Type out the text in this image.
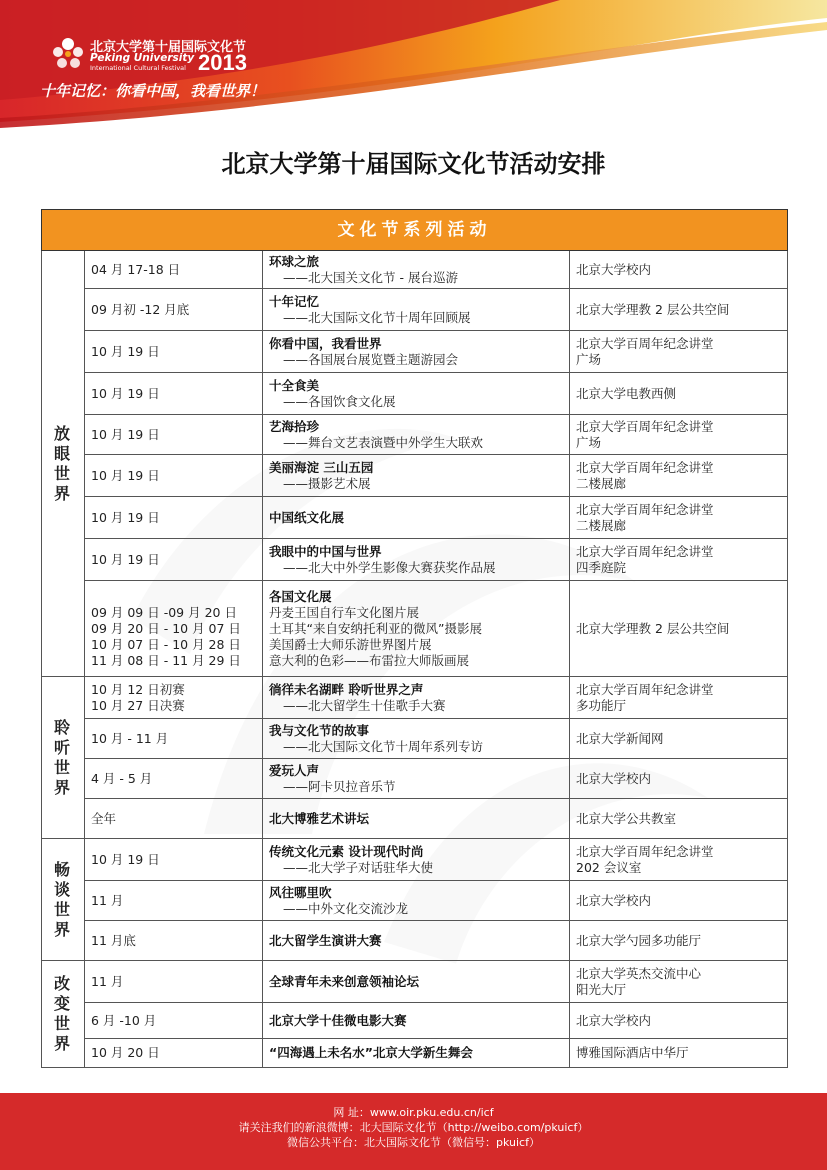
北京大学第十届国际文化节
Peking University
International Cultural Festival 2013
十年记忆：你看中国，我看世界！
北京大学第十届国际文化节活动安排
文化节系列活动			

放眼世界	04 月 17-18 日	环球之旅
——北大国关文化节 - 展台巡游	北京大学校内

	09 月初 -12 月底	十年记忆
——北大国际文化节十周年回顾展	北京大学理教 2 层公共空间

	10 月 19 日	你看中国，我看世界
——各国展台展览暨主题游园会	北京大学百周年纪念讲堂
广场

	10 月 19 日	十全食美
——各国饮食文化展	北京大学电教西侧

	10 月 19 日	艺海拾珍
——舞台文艺表演暨中外学生大联欢	北京大学百周年纪念讲堂
广场

	10 月 19 日	美丽海淀 三山五园
——摄影艺术展	北京大学百周年纪念讲堂
二楼展廊

	10 月 19 日	中国纸文化展	北京大学百周年纪念讲堂
二楼展廊

	10 月 19 日	我眼中的中国与世界
——北大中外学生影像大赛获奖作品展	北京大学百周年纪念讲堂
四季庭院

	09 月 09 日 -09 月 20 日
09 月 20 日 - 10 月 07 日
10 月 07 日 - 10 月 28 日
11 月 08 日 - 11 月 29 日	各国文化展
丹麦王国自行车文化图片展
土耳其“来自安纳托利亚的微风”摄影展
美国爵士大师乐游世界图片展
意大利的色彩——布雷拉大师版画展	北京大学理教 2 层公共空间

聆听世界	10 月 12 日初赛
10 月 27 日决赛	徜徉未名湖畔 聆听世界之声
——北大留学生十佳歌手大赛	北京大学百周年纪念讲堂
多功能厅

	10 月 - 11 月	我与文化节的故事
——北大国际文化节十周年系列专访	北京大学新闻网

	4 月 - 5 月	爱玩人声
——阿卡贝拉音乐节	北京大学校内

	全年	北大博雅艺术讲坛	北京大学公共教室

畅谈世界	10 月 19 日	传统文化元素 设计现代时尚
——北大学子对话驻华大使	北京大学百周年纪念讲堂
202 会议室

	11 月	风往哪里吹
——中外文化交流沙龙	北京大学校内

	11 月底	北大留学生演讲大赛	北京大学勺园多功能厅

改变世界	11 月	全球青年未来创意领袖论坛	北京大学英杰交流中心
阳光大厅

	6 月 -10 月	北京大学十佳微电影大赛	北京大学校内

	10 月 20 日	“四海遇上未名水”北京大学新生舞会	博雅国际酒店中华厅
网 址：www.oir.pku.edu.cn/icf
请关注我们的新浪微博：北大国际文化节（http://weibo.com/pkuicf）
微信公共平台：北大国际文化节（微信号：pkuicf）
